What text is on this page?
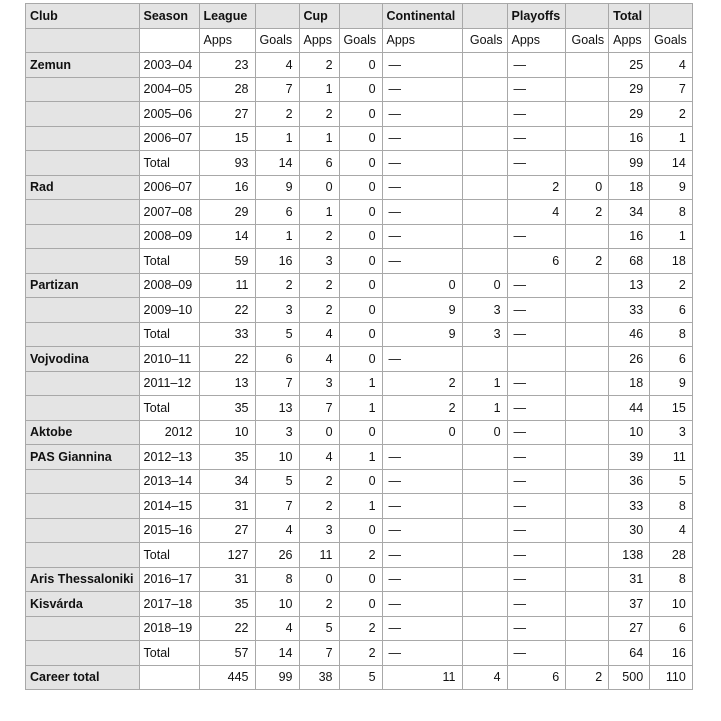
Club	Season	League		Cup		Continental		Playoffs		Total	
		Apps	Goals	Apps	Goals	Apps	Goals	Apps	Goals	Apps	Goals
Zemun	2003–04	23	4	2	0	—		—		25	4
	2004–05	28	7	1	0	—		—		29	7
	2005–06	27	2	2	0	—		—		29	2
	2006–07	15	1	1	0	—		—		16	1
	Total	93	14	6	0	—		—		99	14
Rad	2006–07	16	9	0	0	—		2	0	18	9
	2007–08	29	6	1	0	—		4	2	34	8
	2008–09	14	1	2	0	—		—		16	1
	Total	59	16	3	0	—		6	2	68	18
Partizan	2008–09	11	2	2	0	0	0	—		13	2
	2009–10	22	3	2	0	9	3	—		33	6
	Total	33	5	4	0	9	3	—		46	8
Vojvodina	2010–11	22	6	4	0	—				26	6
	2011–12	13	7	3	1	2	1	—		18	9
	Total	35	13	7	1	2	1	—		44	15
Aktobe	2012	10	3	0	0	0	0	—		10	3
PAS Giannina	2012–13	35	10	4	1	—		—		39	11
	2013–14	34	5	2	0	—		—		36	5
	2014–15	31	7	2	1	—		—		33	8
	2015–16	27	4	3	0	—		—		30	4
	Total	127	26	11	2	—		—		138	28
Aris Thessaloniki	2016–17	31	8	0	0	—		—		31	8
Kisvárda	2017–18	35	10	2	0	—		—		37	10
	2018–19	22	4	5	2	—		—		27	6
	Total	57	14	7	2	—		—		64	16
Career total		445	99	38	5	11	4	6	2	500	110
